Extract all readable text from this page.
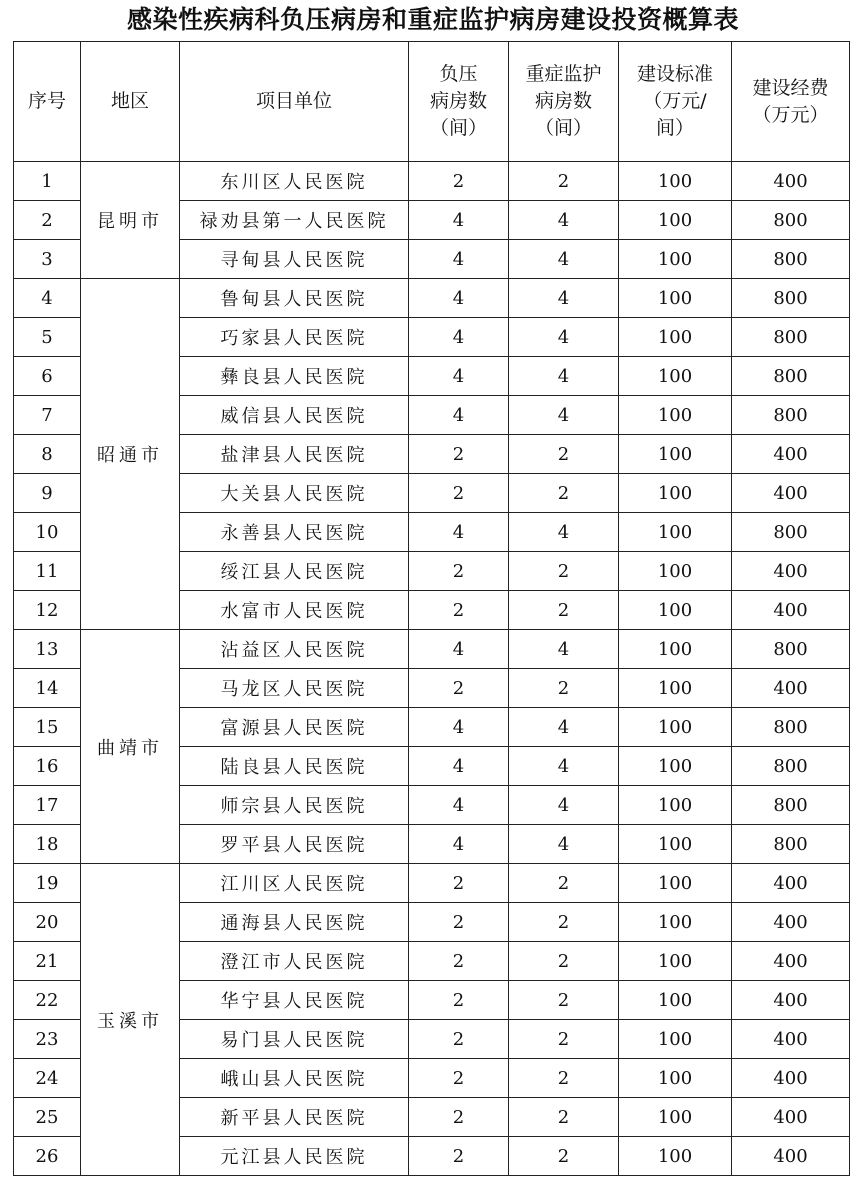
感染性疾病科负压病房和重症监护病房建设投资概算表
序号	地区	项目单位	负压
病房数
（间）	重症监护
病房数
（间）	建设标准
（万元/
间）	建设经费
（万元）

1	昆明市	东川区人民医院	2	2	100	400
2		禄劝县第一人民医院	4	4	100	800
3		寻甸县人民医院	4	4	100	800
4	昭通市	鲁甸县人民医院	4	4	100	800
5		巧家县人民医院	4	4	100	800
6		彝良县人民医院	4	4	100	800
7		威信县人民医院	4	4	100	800
8		盐津县人民医院	2	2	100	400
9		大关县人民医院	2	2	100	400
10		永善县人民医院	4	4	100	800
11		绥江县人民医院	2	2	100	400
12		水富市人民医院	2	2	100	400
13	曲靖市	沾益区人民医院	4	4	100	800
14		马龙区人民医院	2	2	100	400
15		富源县人民医院	4	4	100	800
16		陆良县人民医院	4	4	100	800
17		师宗县人民医院	4	4	100	800
18		罗平县人民医院	4	4	100	800
19	玉溪市	江川区人民医院	2	2	100	400
20		通海县人民医院	2	2	100	400
21		澄江市人民医院	2	2	100	400
22		华宁县人民医院	2	2	100	400
23		易门县人民医院	2	2	100	400
24		峨山县人民医院	2	2	100	400
25		新平县人民医院	2	2	100	400
26		元江县人民医院	2	2	100	400
